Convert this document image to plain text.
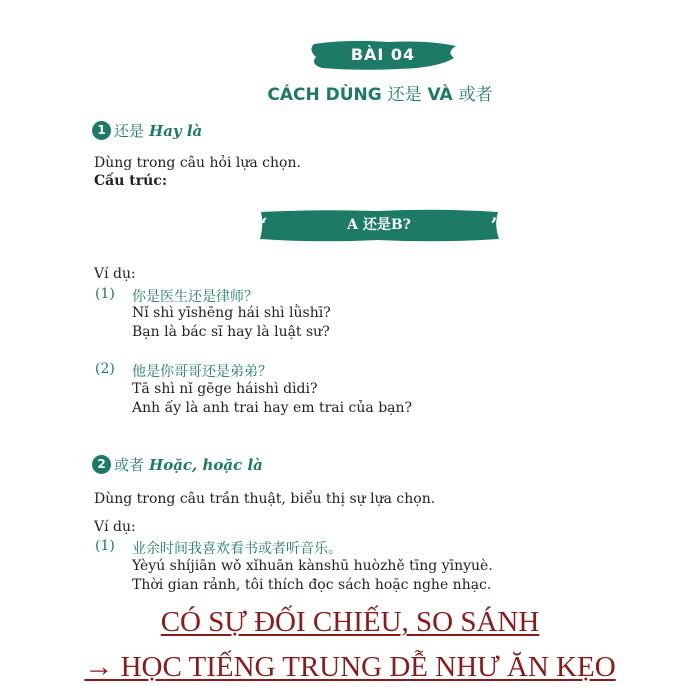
BÀI 04
CÁCH DÙNG 还是 VÀ 或者
1 还是 Hay là
Dùng trong câu hỏi lựa chọn.
Cấu trúc:
“	A 还是B?	”
Ví dụ:
(1) 你是医生还是律师？
Nǐ shì yīshēng hái shì lǜshī?
Bạn là bác sĩ hay là luật sư?
(2) 他是你哥哥还是弟弟？
Tā shì nǐ gēge háishì dìdi?
Anh ấy là anh trai hay em trai của bạn?
2 或者 Hoặc, hoặc là
Dùng trong câu trần thuật, biểu thị sự lựa chọn.
Ví dụ:
(1) 业余时间我喜欢看书或者听音乐。
Yèyú shíjiān wǒ xǐhuān kànshū huòzhě tīng yīnyuè.
Thời gian rảnh, tôi thích đọc sách hoặc nghe nhạc.
CÓ SỰ ĐỐI CHIẾU, SO SÁNH
→ HỌC TIẾNG TRUNG DỄ NHƯ ĂN KẸO
